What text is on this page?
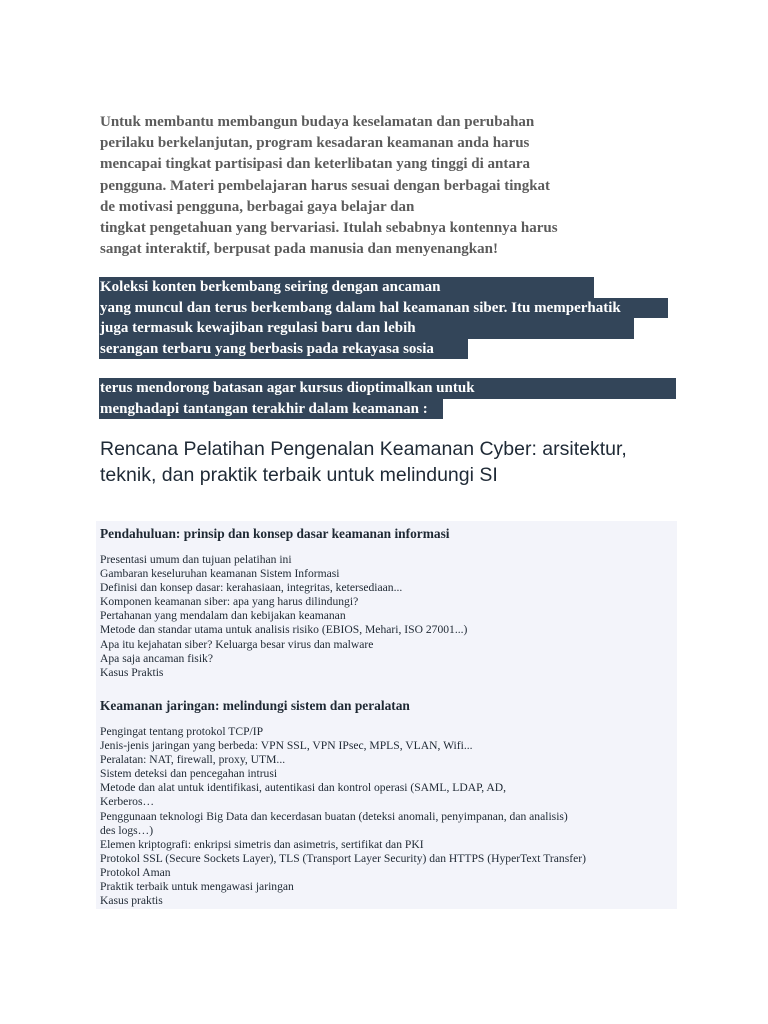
Untuk membantu membangun budaya keselamatan dan perubahan
perilaku berkelanjutan, program kesadaran keamanan anda harus
mencapai tingkat partisipasi dan keterlibatan yang tinggi di antara
pengguna. Materi pembelajaran harus sesuai dengan berbagai tingkat
de motivasi pengguna, berbagai gaya belajar dan
tingkat pengetahuan yang bervariasi. Itulah sebabnya kontennya harus
sangat interaktif, berpusat pada manusia dan menyenangkan!
Koleksi konten berkembang seiring dengan ancaman
yang muncul dan terus berkembang dalam hal keamanan siber. Itu memperhatik
juga termasuk kewajiban regulasi baru dan lebih
serangan terbaru yang berbasis pada rekayasa sosia
terus mendorong batasan agar kursus dioptimalkan untuk
menghadapi tantangan terakhir dalam keamanan :
Rencana Pelatihan Pengenalan Keamanan Cyber: arsitektur, teknik, dan praktik terbaik untuk melindungi SI
Pendahuluan: prinsip dan konsep dasar keamanan informasi
Presentasi umum dan tujuan pelatihan ini
Gambaran keseluruhan keamanan Sistem Informasi
Definisi dan konsep dasar: kerahasiaan, integritas, ketersediaan...
Komponen keamanan siber: apa yang harus dilindungi?
Pertahanan yang mendalam dan kebijakan keamanan
Metode dan standar utama untuk analisis risiko (EBIOS, Mehari, ISO 27001...)
Apa itu kejahatan siber? Keluarga besar virus dan malware
Apa saja ancaman fisik?
Kasus Praktis
Keamanan jaringan: melindungi sistem dan peralatan
Pengingat tentang protokol TCP/IP
Jenis-jenis jaringan yang berbeda: VPN SSL, VPN IPsec, MPLS, VLAN, Wifi...
Peralatan: NAT, firewall, proxy, UTM...
Sistem deteksi dan pencegahan intrusi
Metode dan alat untuk identifikasi, autentikasi dan kontrol operasi (SAML, LDAP, AD,
Kerberos…
Penggunaan teknologi Big Data dan kecerdasan buatan (deteksi anomali, penyimpanan, dan analisis)
des logs…)
Elemen kriptografi: enkripsi simetris dan asimetris, sertifikat dan PKI
Protokol SSL (Secure Sockets Layer), TLS (Transport Layer Security) dan HTTPS (HyperText Transfer)
Protokol Aman
Praktik terbaik untuk mengawasi jaringan
Kasus praktis
